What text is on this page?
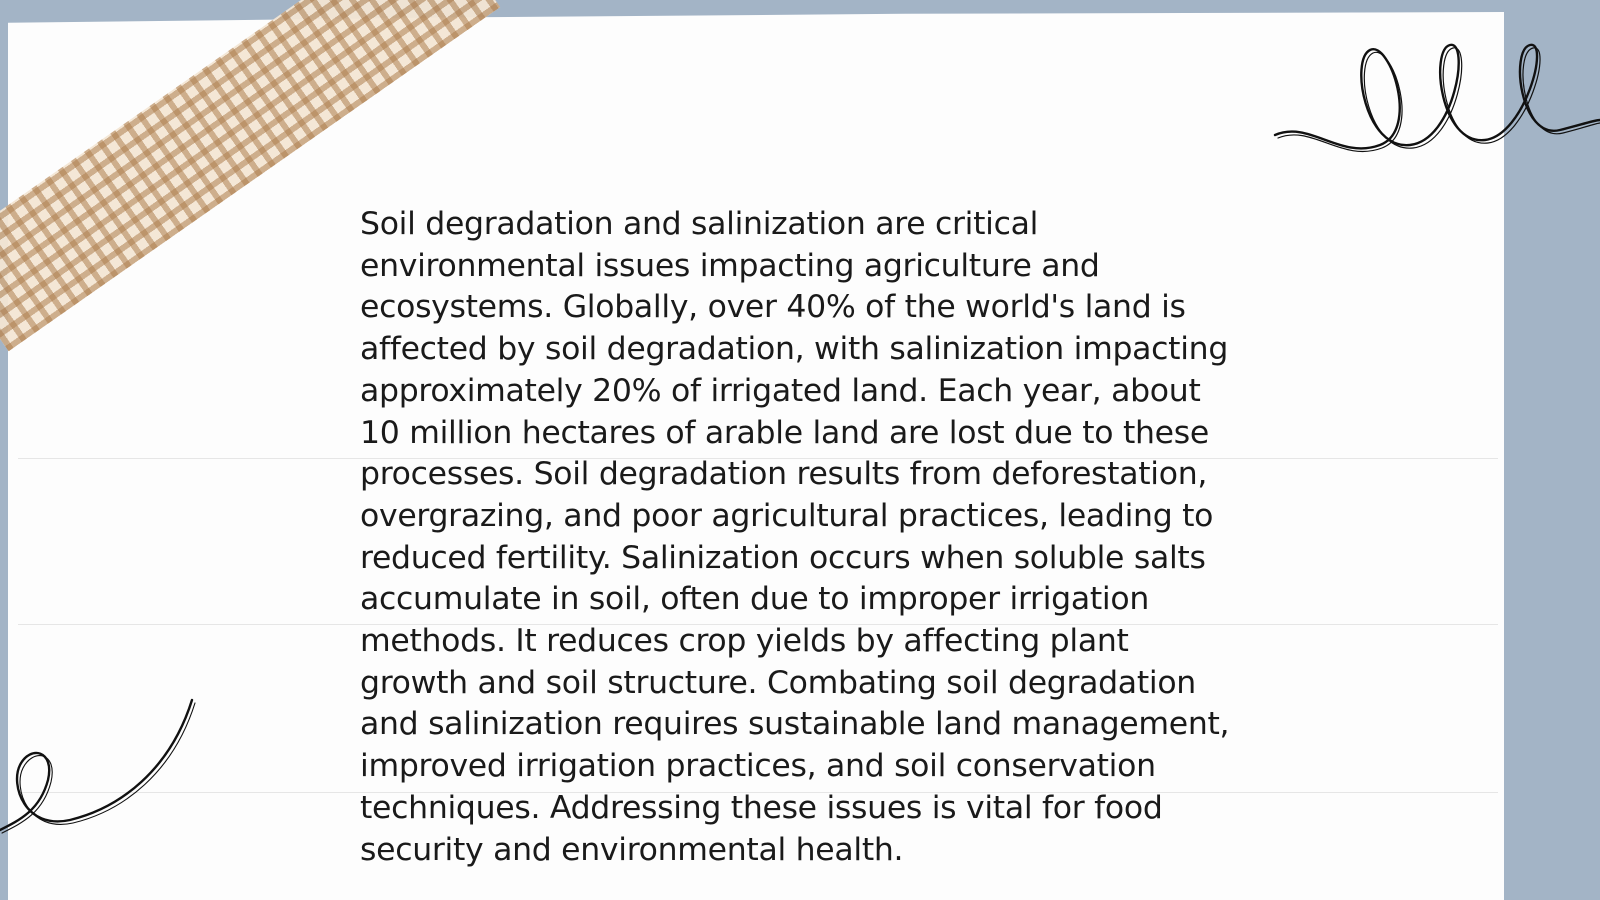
Soil degradation and salinization are critical environmental issues impacting agriculture and ecosystems. Globally, over 40% of the world's land is affected by soil degradation, with salinization impacting approximately 20% of irrigated land. Each year, about 10 million hectares of arable land are lost due to these processes. Soil degradation results from deforestation, overgrazing, and poor agricultural practices, leading to reduced fertility. Salinization occurs when soluble salts accumulate in soil, often due to improper irrigation methods. It reduces crop yields by affecting plant growth and soil structure. Combating soil degradation and salinization requires sustainable land management, improved irrigation practices, and soil conservation techniques. Addressing these issues is vital for food security and environmental health.
